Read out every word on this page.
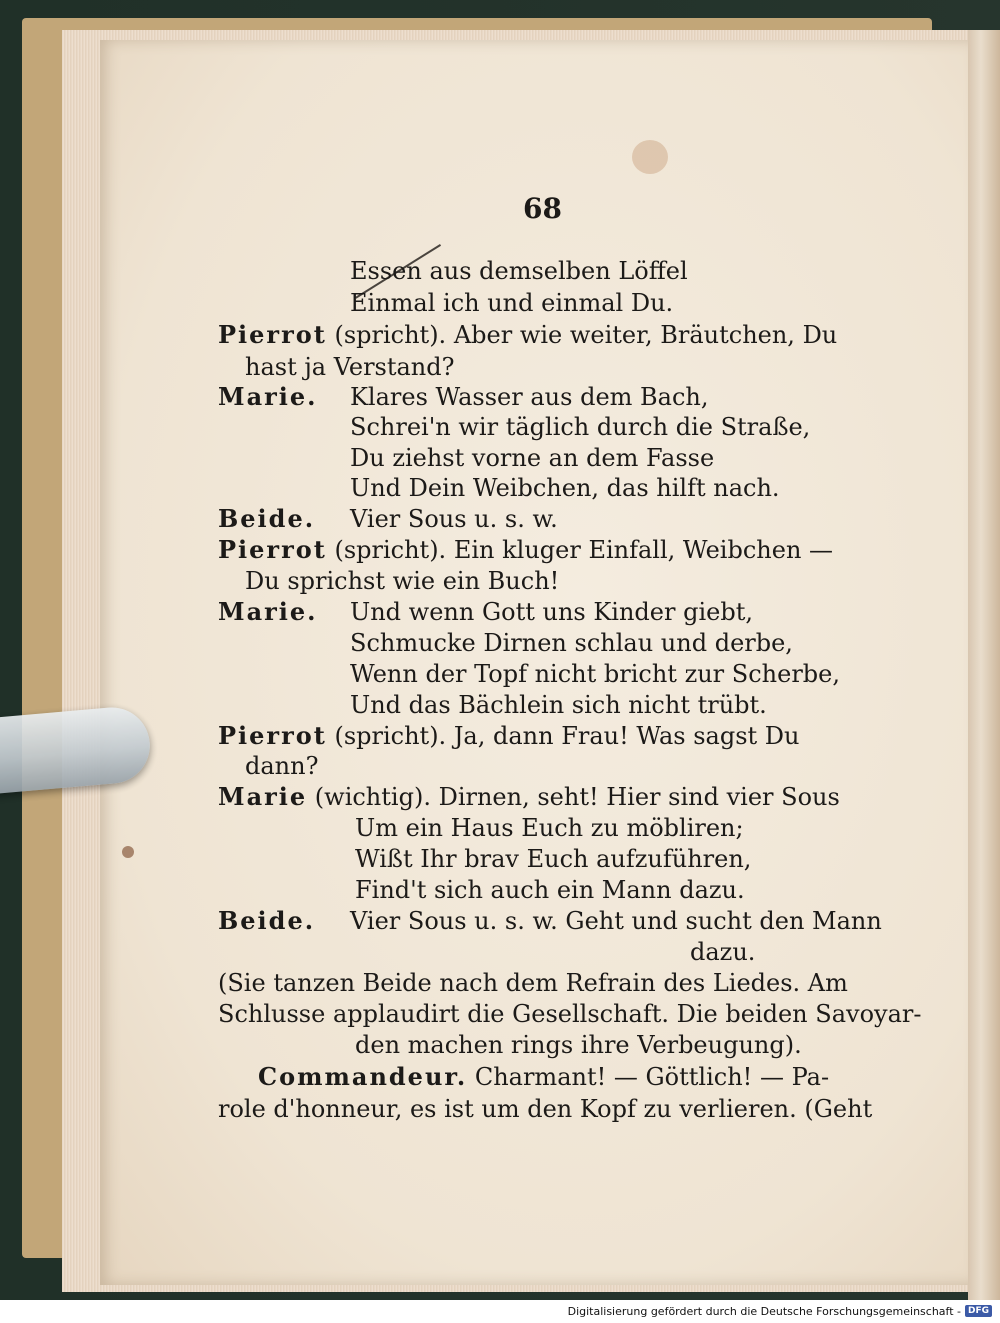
68
Essen aus demselben Löffel
Einmal ich und einmal Du.
Pierrot (spricht). Aber wie weiter, Bräutchen, Du
hast ja Verstand?
Marie. Klares Wasser aus dem Bach,
Schrei'n wir täglich durch die Straße,
Du ziehst vorne an dem Fasse
Und Dein Weibchen, das hilft nach.
Beide. Vier Sous u. s. w.
Pierrot (spricht). Ein kluger Einfall, Weibchen —
Du sprichst wie ein Buch!
Marie. Und wenn Gott uns Kinder giebt,
Schmucke Dirnen schlau und derbe,
Wenn der Topf nicht bricht zur Scherbe,
Und das Bächlein sich nicht trübt.
Pierrot (spricht). Ja, dann Frau! Was sagst Du
dann?
Marie (wichtig). Dirnen, seht! Hier sind vier Sous
Um ein Haus Euch zu möbliren;
Wißt Ihr brav Euch aufzuführen,
Find't sich auch ein Mann dazu.
Beide. Vier Sous u. s. w. Geht und sucht den Mann
dazu.
(Sie tanzen Beide nach dem Refrain des Liedes. Am
Schlusse applaudirt die Gesellschaft. Die beiden Savoyar-
den machen rings ihre Verbeugung).
Commandeur. Charmant! — Göttlich! — Pa-
role d'honneur, es ist um den Kopf zu verlieren. (Geht
Digitalisierung gefördert durch die Deutsche Forschungsgemeinschaft - DFG
